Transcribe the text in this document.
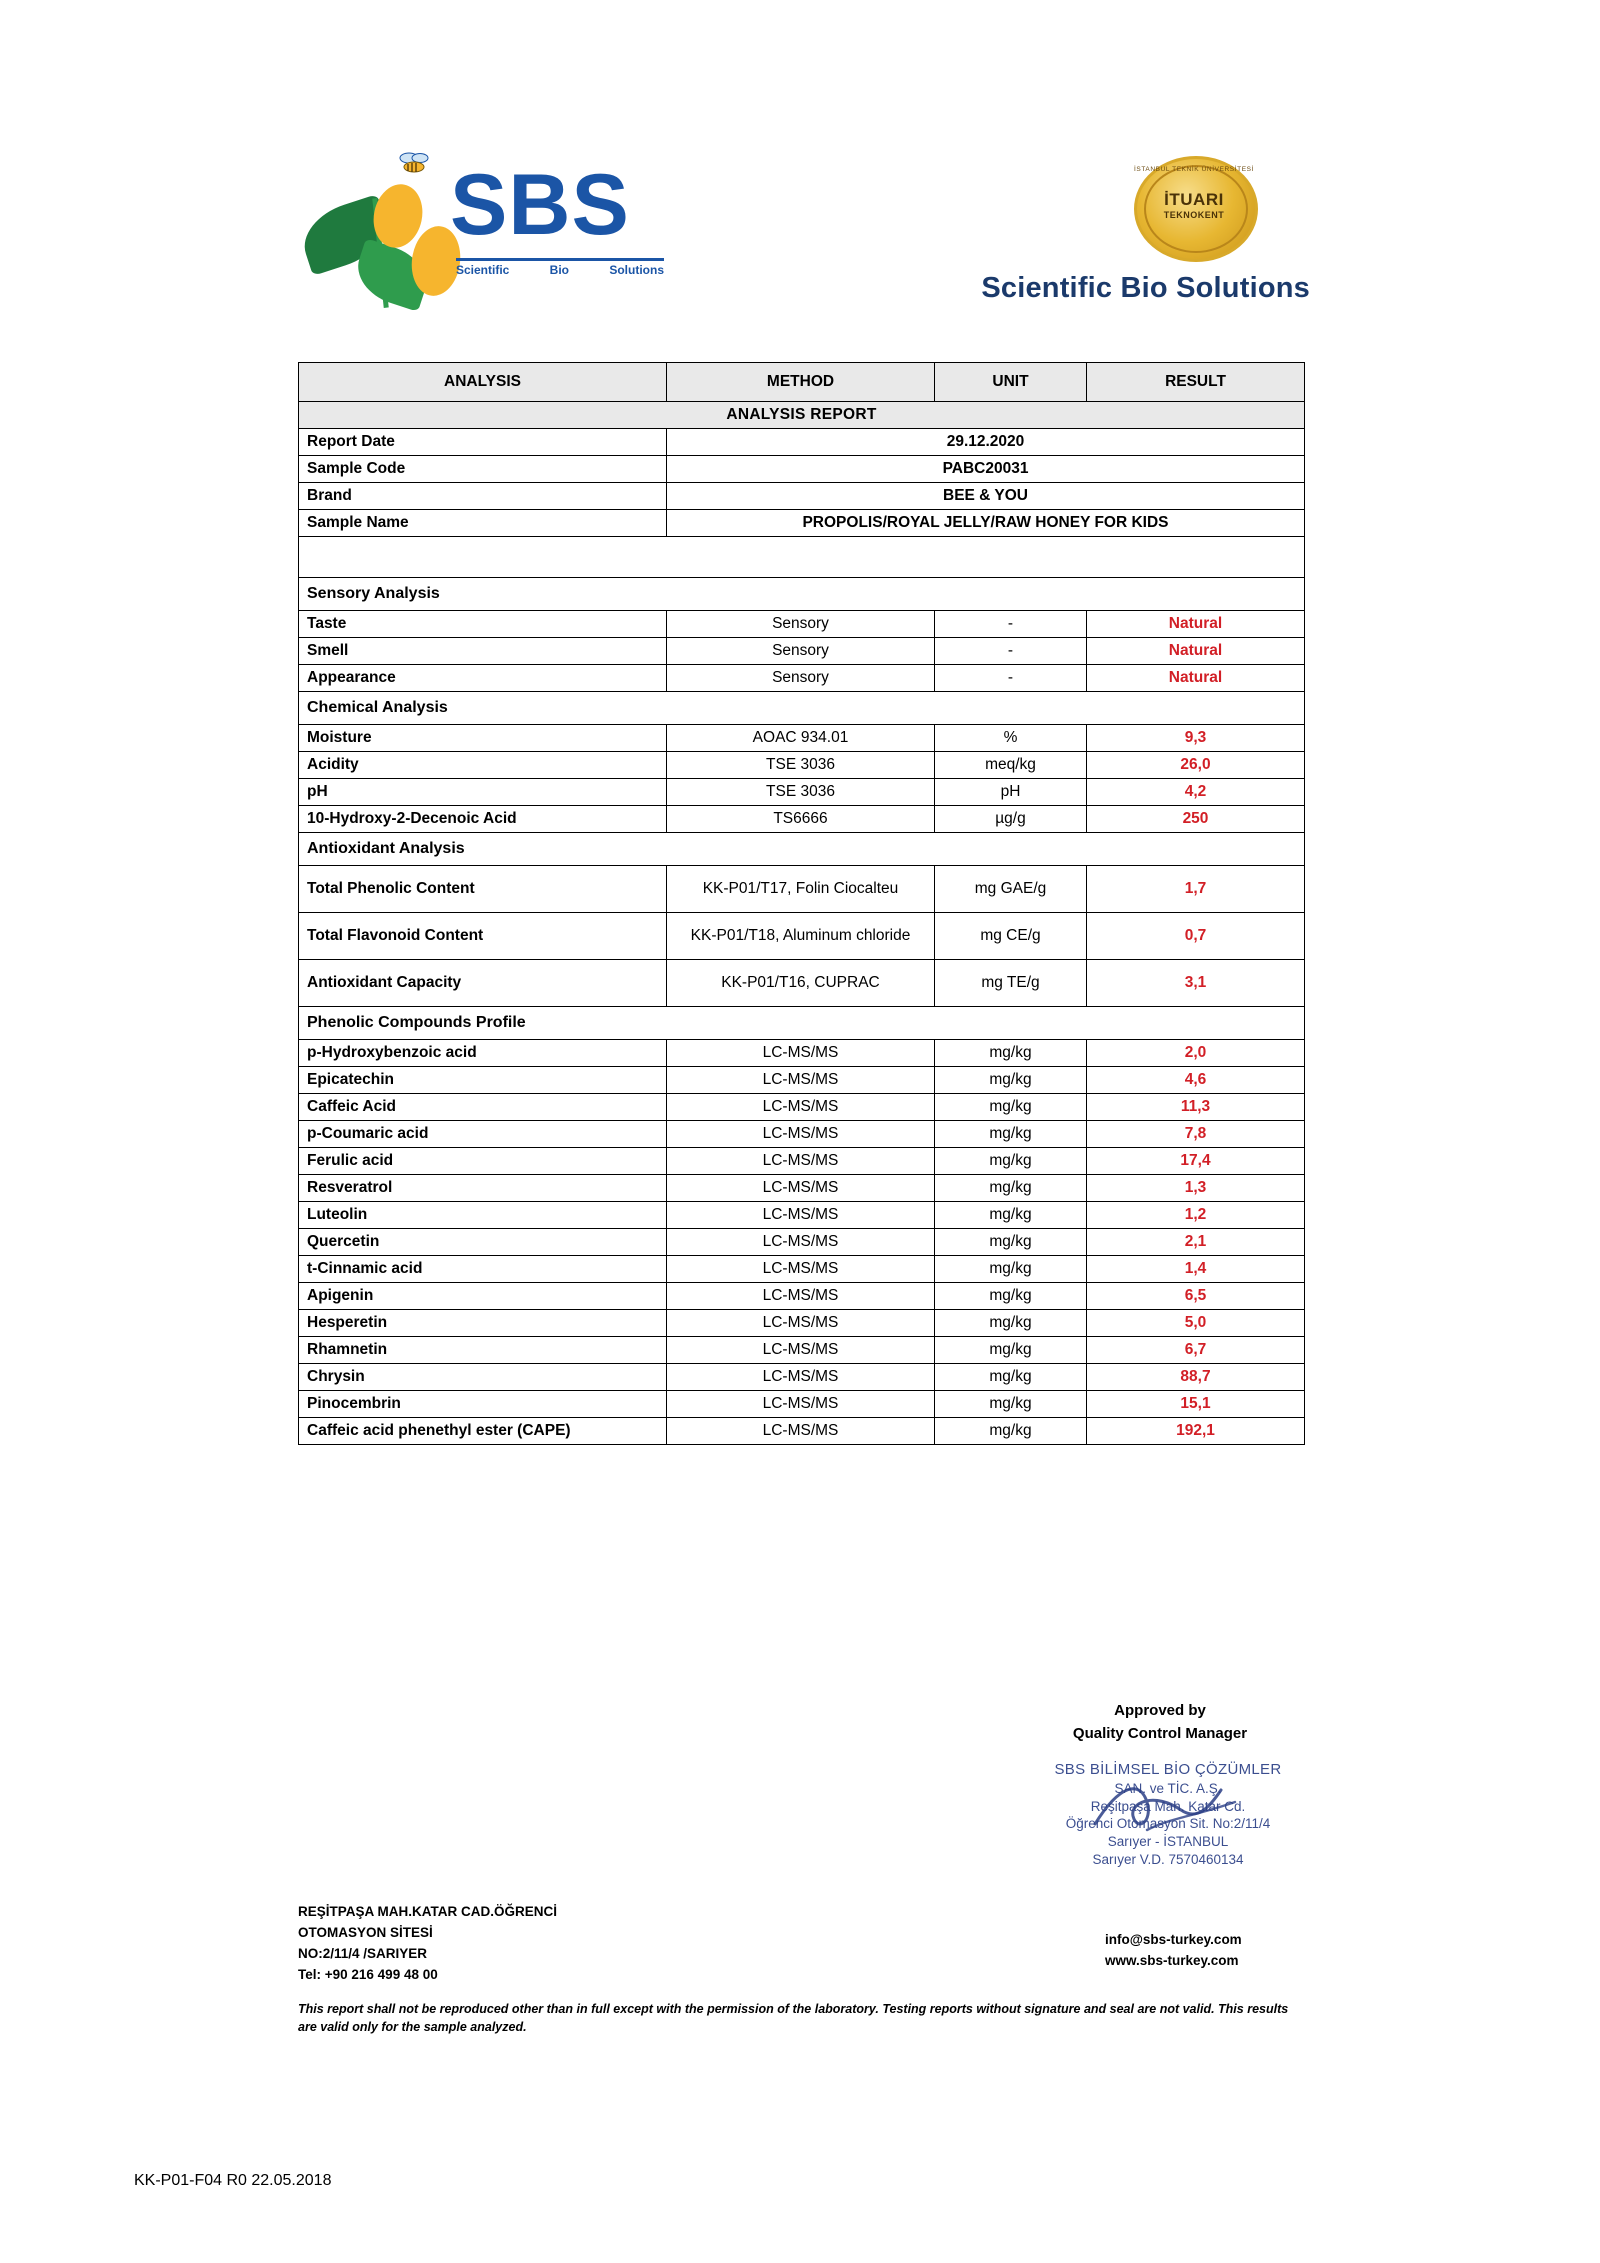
SBS
Scientific	Bio	Solutions
İSTANBUL TEKNİK ÜNİVERSİTESİ
İTUARI
TEKNOKENT
Scientific Bio Solutions
ANALYSIS REPORT			
Report Date	29.12.2020		
Sample Code	PABC20031		
Brand	BEE & YOU		
Sample Name	PROPOLIS/ROYAL JELLY/RAW HONEY FOR KIDS		

ANALYSIS	METHOD	UNIT	RESULT
Sensory Analysis			
Taste	Sensory	-	Natural
Smell	Sensory	-	Natural
Appearance	Sensory	-	Natural
Chemical Analysis			
Moisture	AOAC 934.01	%	9,3
Acidity	TSE 3036	meq/kg	26,0
pH	TSE 3036	pH	4,2
10-Hydroxy-2-Decenoic Acid	TS6666	µg/g	250
Antioxidant Analysis			
Total Phenolic Content	KK-P01/T17, Folin Ciocalteu	mg GAE/g	1,7
Total Flavonoid Content	KK-P01/T18, Aluminum chloride	mg CE/g	0,7
Antioxidant Capacity	KK-P01/T16, CUPRAC	mg TE/g	3,1
Phenolic Compounds Profile			
p-Hydroxybenzoic acid	LC-MS/MS	mg/kg	2,0
Epicatechin	LC-MS/MS	mg/kg	4,6
Caffeic Acid	LC-MS/MS	mg/kg	11,3
p-Coumaric acid	LC-MS/MS	mg/kg	7,8
Ferulic acid	LC-MS/MS	mg/kg	17,4
Resveratrol	LC-MS/MS	mg/kg	1,3
Luteolin	LC-MS/MS	mg/kg	1,2
Quercetin	LC-MS/MS	mg/kg	2,1
t-Cinnamic acid	LC-MS/MS	mg/kg	1,4
Apigenin	LC-MS/MS	mg/kg	6,5
Hesperetin	LC-MS/MS	mg/kg	5,0
Rhamnetin	LC-MS/MS	mg/kg	6,7
Chrysin	LC-MS/MS	mg/kg	88,7
Pinocembrin	LC-MS/MS	mg/kg	15,1
Caffeic acid phenethyl ester (CAPE)	LC-MS/MS	mg/kg	192,1
Approved by
Quality Control Manager
SBS BİLİMSEL BİO ÇÖZÜMLER
SAN. ve TİC. A.Ş.
Reşitpaşa Mah. Katar Cd.
Öğrenci Otomasyon Sit. No:2/11/4
Sarıyer - İSTANBUL
Sarıyer V.D. 7570460134
REŞİTPAŞA MAH.KATAR CAD.ÖĞRENCİ
OTOMASYON SİTESİ
NO:2/11/4 /SARIYER
Tel: +90 216 499 48 00
info@sbs-turkey.com
www.sbs-turkey.com
This report shall not be reproduced other than in full except with the permission of the laboratory. Testing reports without signature and seal are not valid. This results are valid only for the sample analyzed.
KK-P01-F04 R0 22.05.2018
